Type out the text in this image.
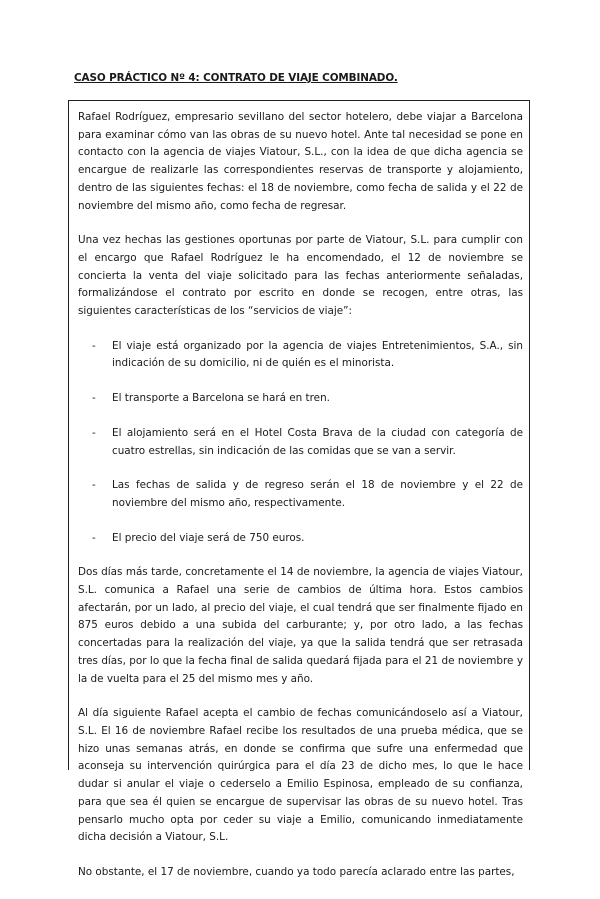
CASO PRÁCTICO Nº 4: CONTRATO DE VIAJE COMBINADO.

Rafael Rodríguez, empresario sevillano del sector hotelero, debe viajar a Barcelona para examinar cómo van las obras de su nuevo hotel. Ante tal necesidad se pone en contacto con la agencia de viajes Viatour, S.L., con la idea de que dicha agencia se encargue de realizarle las correspondientes reservas de transporte y alojamiento, dentro de las siguientes fechas: el 18 de noviembre, como fecha de salida y el 22 de noviembre del mismo año, como fecha de regresar.

Una vez hechas las gestiones oportunas por parte de Viatour, S.L. para cumplir con el encargo que Rafael Rodríguez le ha encomendado, el 12 de noviembre se concierta la venta del viaje solicitado para las fechas anteriormente señaladas, formalizándose el contrato por escrito en donde se recogen, entre otras, las siguientes características de los “servicios de viaje”:

- El viaje está organizado por la agencia de viajes Entretenimientos, S.A., sin indicación de su domicilio, ni de quién es el minorista.
- El transporte a Barcelona se hará en tren.
- El alojamiento será en el Hotel Costa Brava de la ciudad con categoría de cuatro estrellas, sin indicación de las comidas que se van a servir.
- Las fechas de salida y de regreso serán el 18 de noviembre y el 22 de noviembre del mismo año, respectivamente.
- El precio del viaje será de 750 euros.

Dos días más tarde, concretamente el 14 de noviembre, la agencia de viajes Viatour, S.L. comunica a Rafael una serie de cambios de última hora. Estos cambios afectarán, por un lado, al precio del viaje, el cual tendrá que ser finalmente fijado en 875 euros debido a una subida del carburante; y, por otro lado, a las fechas concertadas para la realización del viaje, ya que la salida tendrá que ser retrasada tres días, por lo que la fecha final de salida quedará fijada para el 21 de noviembre y la de vuelta para el 25 del mismo mes y año.

Al día siguiente Rafael acepta el cambio de fechas comunicándoselo así a Viatour, S.L. El 16 de noviembre Rafael recibe los resultados de una prueba médica, que se hizo unas semanas atrás, en donde se confirma que sufre una enfermedad que aconseja su intervención quirúrgica para el día 23 de dicho mes, lo que le hace dudar si anular el viaje o cederselo a Emilio Espinosa, empleado de su confianza, para que sea él quien se encargue de supervisar las obras de su nuevo hotel. Tras pensarlo mucho opta por ceder su viaje a Emilio, comunicando inmediatamente dicha decisión a Viatour, S.L.

No obstante, el 17 de noviembre, cuando ya todo parecía aclarado entre las partes,
